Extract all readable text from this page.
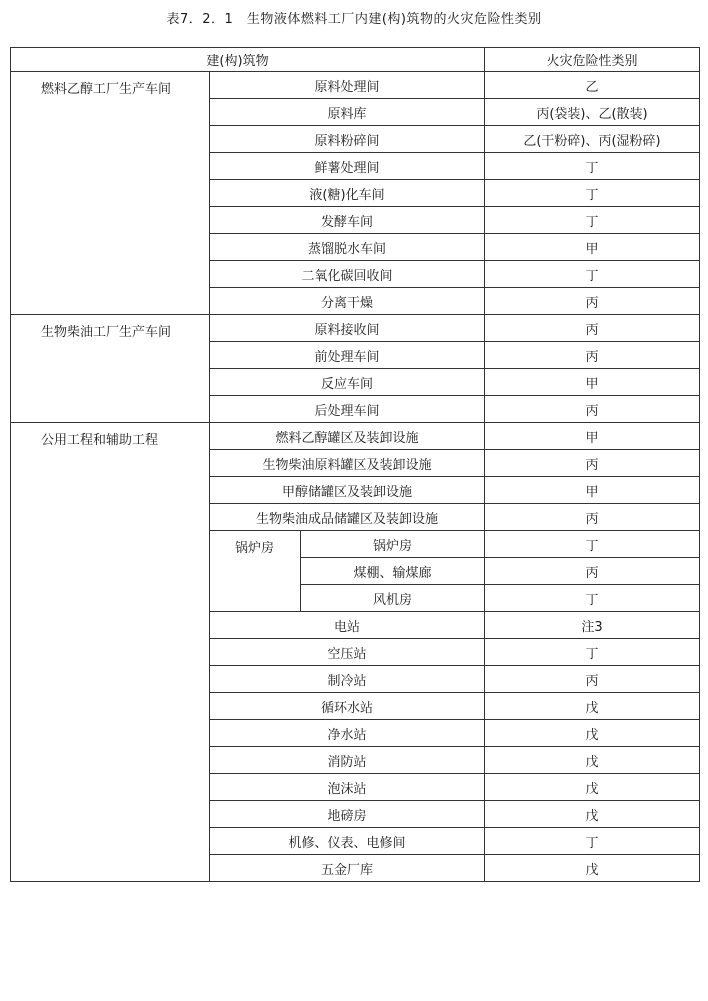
表7．2．1　生物液体燃料工厂内建(构)筑物的火灾危险性类别
建(构)筑物			火灾危险性类别
燃料乙醇工厂生产车间	原料处理间		乙
	原料库		丙(袋装)、乙(散装)
	原料粉碎间		乙(干粉碎)、丙(湿粉碎)
	鲜薯处理间		丁
	液(糖)化车间		丁
	发酵车间		丁
	蒸馏脱水车间		甲
	二氧化碳回收间		丁
	分离干燥		丙
生物柴油工厂生产车间	原料接收间		丙
	前处理车间		丙
	反应车间		甲
	后处理车间		丙
公用工程和辅助工程	燃料乙醇罐区及装卸设施		甲
	生物柴油原料罐区及装卸设施		丙
	甲醇储罐区及装卸设施		甲
	生物柴油成品储罐区及装卸设施		丙
	锅炉房	锅炉房	丁
		煤棚、输煤廊	丙
		风机房	丁
	电站		注3
	空压站		丁
	制冷站		丙
	循环水站		戊
	净水站		戊
	消防站		戊
	泡沫站		戊
	地磅房		戊
	机修、仪表、电修间		丁
	五金厂库		戊
